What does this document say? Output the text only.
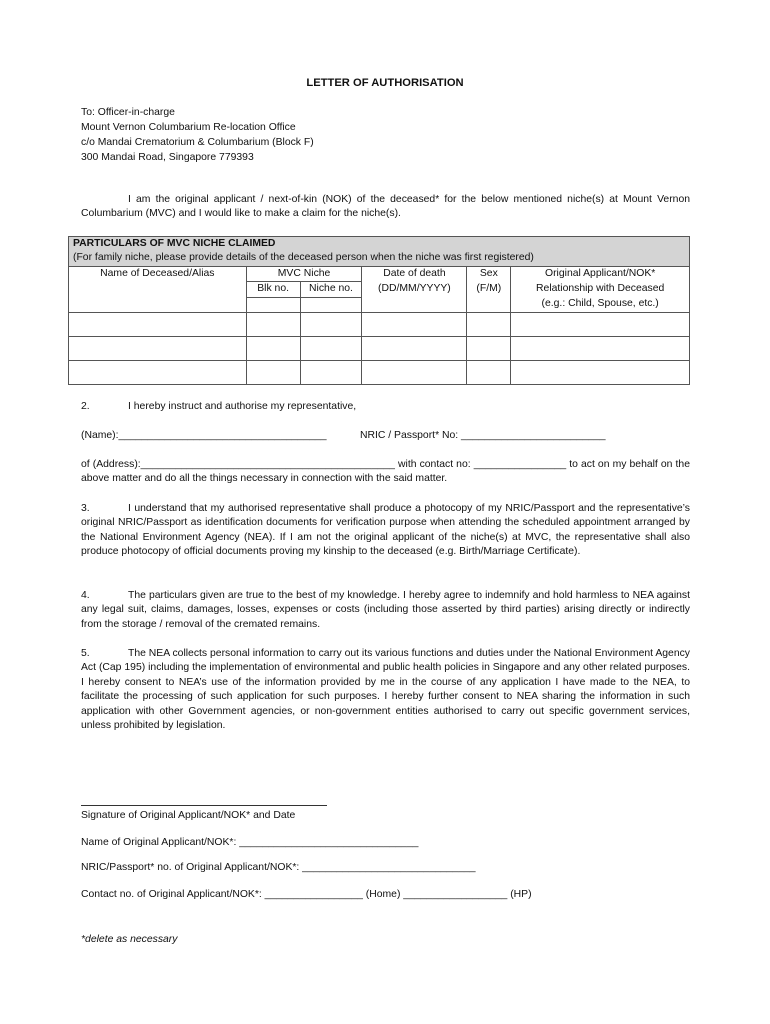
LETTER OF AUTHORISATION
To: Officer-in-charge
Mount Vernon Columbarium Re-location Office
c/o Mandai Crematorium & Columbarium (Block F)
300 Mandai Road, Singapore 779393
I am the original applicant / next-of-kin (NOK) of the deceased* for the below mentioned niche(s) at Mount Vernon Columbarium (MVC) and I would like to make a claim for the niche(s).
PARTICULARS OF MVC NICHE CLAIMED					
(For family niche, please provide details of the deceased person when the niche was first registered)					
Name of Deceased/Alias	MVC Niche		Date of death	Sex	Original Applicant/NOK*
	Blk no.	Niche no.	(DD/MM/YYYY)	(F/M)	Relationship with Deceased
					(e.g.: Child, Spouse, etc.)

2.	I hereby instruct and authorise my representative,
(Name):____________________________________	NRIC / Passport* No: _________________________
of (Address):____________________________________________ with contact no: ________________ to act on my behalf on the above matter and do all the things necessary in connection with the said matter.
3.	I understand that my authorised representative shall produce a photocopy of my NRIC/Passport and the representative’s original NRIC/Passport as identification documents for verification purpose when attending the scheduled appointment arranged by the National Environment Agency (NEA). If I am not the original applicant of the niche(s) at MVC, the representative shall also produce photocopy of official documents proving my kinship to the deceased (e.g. Birth/Marriage Certificate).
4.	The particulars given are true to the best of my knowledge. I hereby agree to indemnify and hold harmless to NEA against any legal suit, claims, damages, losses, expenses or costs (including those asserted by third parties) arising directly or indirectly from the storage / removal of the cremated remains.
5.	The NEA collects personal information to carry out its various functions and duties under the National Environment Agency Act (Cap 195) including the implementation of environmental and public health policies in Singapore and any other related purposes. I hereby consent to NEA’s use of the information provided by me in the course of any application I have made to the NEA, to facilitate the processing of such application for such purposes. I hereby further consent to NEA sharing the information in such application with other Government agencies, or non-government entities authorised to carry out specific government services, unless prohibited by legislation.
Signature of Original Applicant/NOK* and Date
Name of Original Applicant/NOK*: _______________________________
NRIC/Passport* no. of Original Applicant/NOK*: ______________________________
Contact no. of Original Applicant/NOK*: _________________ (Home) __________________ (HP)
*delete as necessary
